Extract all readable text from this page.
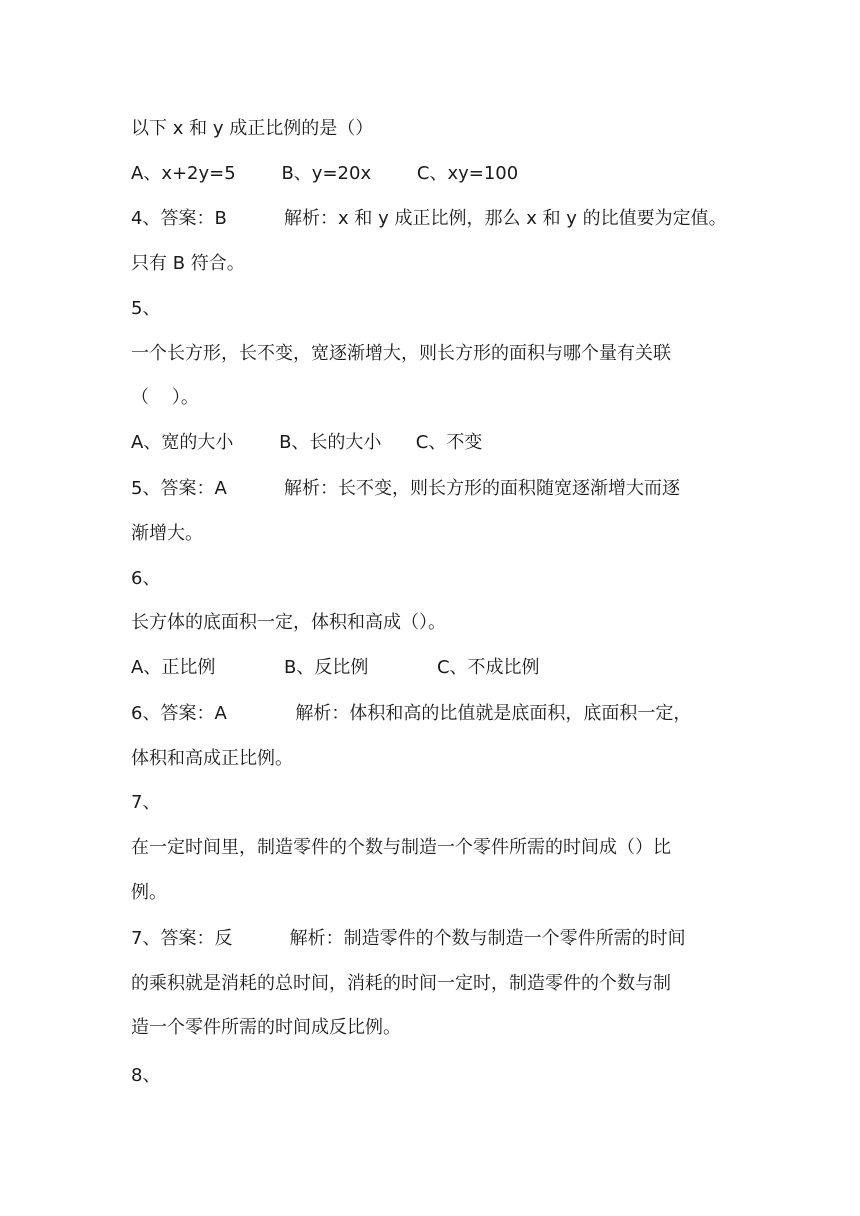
以下 x 和 y 成正比例的是（）
A、x+2y=5        B、y=20x        C、xy=100
4、答案：B          解析：x 和 y 成正比例，那么 x 和 y 的比值要为定值。
只有 B 符合。
5、
一个长方形，长不变，宽逐渐增大，则长方形的面积与哪个量有关联
（    ）。
A、宽的大小        B、长的大小      C、不变
5、答案：A          解析：长不变，则长方形的面积随宽逐渐增大而逐
渐增大。
6、
长方体的底面积一定，体积和高成（）。
A、正比例            B、反比例            C、不成比例
6、答案：A            解析：体积和高的比值就是底面积，底面积一定，
体积和高成正比例。
7、
在一定时间里，制造零件的个数与制造一个零件所需的时间成（）比
例。
7、答案：反          解析：制造零件的个数与制造一个零件所需的时间
的乘积就是消耗的总时间，消耗的时间一定时，制造零件的个数与制
造一个零件所需的时间成反比例。
8、
